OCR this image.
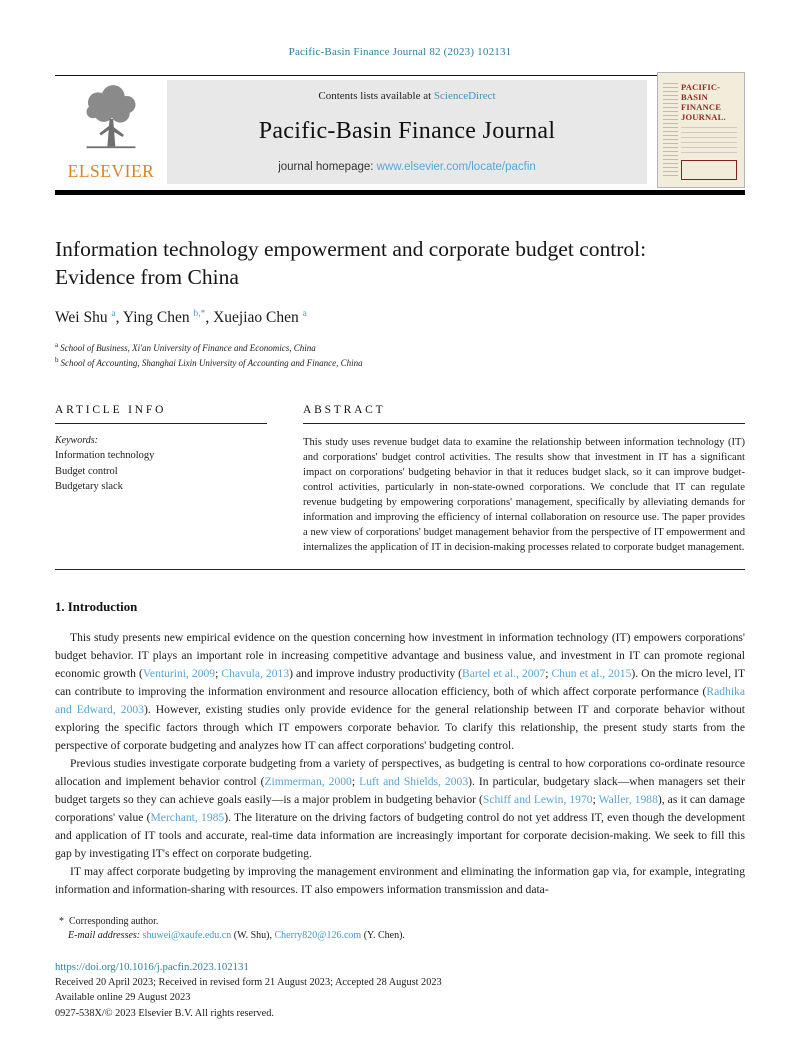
Pacific-Basin Finance Journal 82 (2023) 102131
ELSEVIER
Contents lists available at ScienceDirect
Pacific-Basin Finance Journal
journal homepage: www.elsevier.com/locate/pacfin
PACIFIC-
BASIN
FINANCE
JOURNAL.
Information technology empowerment and corporate budget control: Evidence from China
Wei Shu $^a$, Ying Chen $^{b,*}$, Xuejiao Chen $^a$
$^a$ School of Business, Xi'an University of Finance and Economics, China
$^b$ School of Accounting, Shanghai Lixin University of Accounting and Finance, China
ARTICLE INFO
Keywords:
Information technology
Budget control
Budgetary slack
ABSTRACT
This study uses revenue budget data to examine the relationship between information technology (IT) and corporations' budget control activities. The results show that investment in IT has a significant impact on corporations' budgeting behavior in that it reduces budget slack, so it can improve budget-control activities, particularly in non-state-owned corporations. We conclude that IT can regulate revenue budgeting by empowering corporations' management, specifically by alleviating demands for information and improving the efficiency of internal collaboration on resource use. The paper provides a new view of corporations' budget management behavior from the perspective of IT empowerment and internalizes the application of IT in decision-making processes related to corporate budget management.
1. Introduction

This study presents new empirical evidence on the question concerning how investment in information technology (IT) empowers corporations' budget behavior. IT plays an important role in increasing competitive advantage and business value, and investment in IT can promote regional economic growth (Venturini, 2009; Chavula, 2013) and improve industry productivity (Bartel et al., 2007; Chun et al., 2015). On the micro level, IT can contribute to improving the information environment and resource allocation efficiency, both of which affect corporate performance (Radhika and Edward, 2003). However, existing studies only provide evidence for the general relationship between IT and corporate behavior without exploring the specific factors through which IT empowers corporate behavior. To clarify this relationship, the present study starts from the perspective of corporate budgeting and analyzes how IT can affect corporations' budgeting control.

Previous studies investigate corporate budgeting from a variety of perspectives, as budgeting is central to how corporations co-ordinate resource allocation and implement behavior control (Zimmerman, 2000; Luft and Shields, 2003). In particular, budgetary slack—when managers set their budget targets so they can achieve goals easily—is a major problem in budgeting behavior (Schiff and Lewin, 1970; Waller, 1988), as it can damage corporations' value (Merchant, 1985). The literature on the driving factors of budgeting control do not yet address IT, even though the development and application of IT tools and accurate, real-time data information are increasingly important for corporate decision-making. We seek to fill this gap by investigating IT's effect on corporate budgeting.

IT may affect corporate budgeting by improving the management environment and eliminating the information gap via, for example, integrating information and information-sharing with resources. IT also empowers information transmission and data-

* Corresponding author.
E-mail addresses: shuwei@xaufe.edu.cn (W. Shu), Cherry820@126.com (Y. Chen).
https://doi.org/10.1016/j.pacfin.2023.102131
Received 20 April 2023; Received in revised form 21 August 2023; Accepted 28 August 2023
Available online 29 August 2023
0927-538X/© 2023 Elsevier B.V. All rights reserved.
